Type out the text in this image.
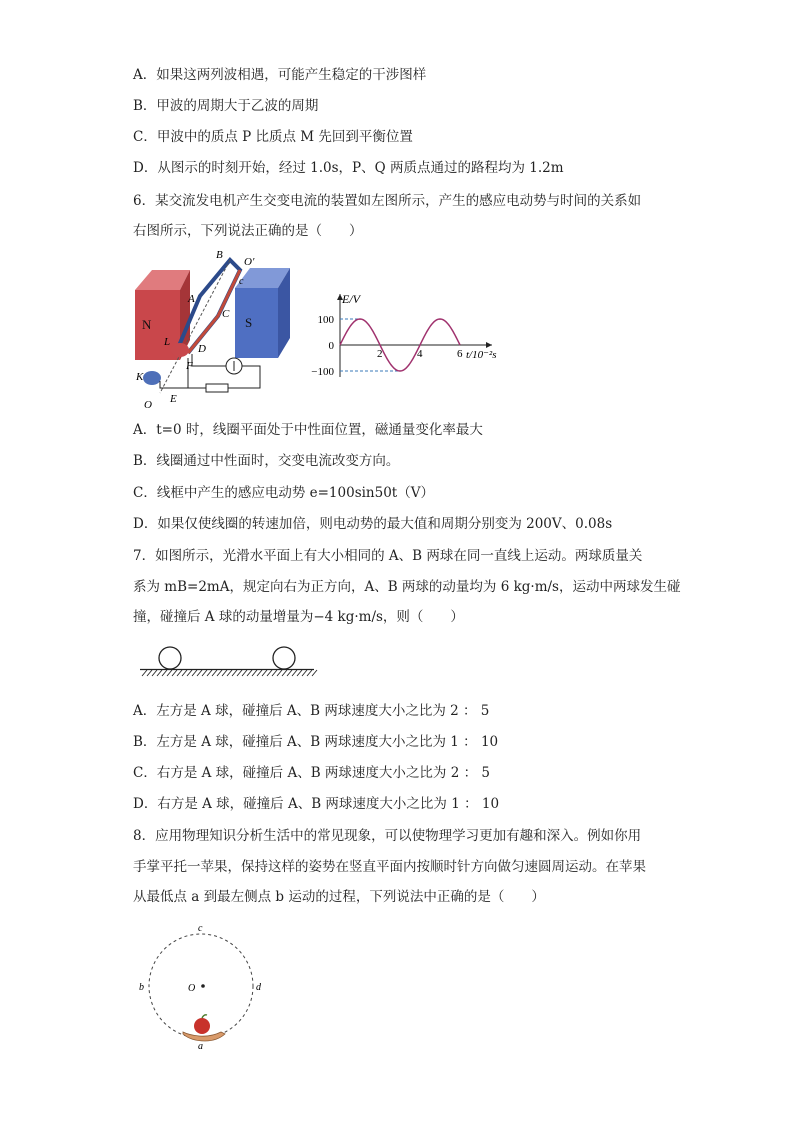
A．如果这两列波相遇，可能产生稳定的干涉图样
B．甲波的周期大于乙波的周期
C．甲波中的质点 P 比质点 M 先回到平衡位置
D．从图示的时刻开始，经过 1.0s，P、Q 两质点通过的路程均为 1.2m
6．某交流发电机产生交变电流的装置如左图所示，产生的感应电动势与时间的关系如
右图所示，下列说法正确的是（　　）
N	S
B
O′
c
A
C
L
D
F
K
E
O
E/V
t/10⁻²s
2	4	6
100
0
−100
A．t=0 时，线圈平面处于中性面位置，磁通量变化率最大
B．线圈通过中性面时，交变电流改变方向。
C．线框中产生的感应电动势 e=100sin50t（V）
D．如果仅使线圈的转速加倍，则电动势的最大值和周期分别变为 200V、0.08s
7．如图所示，光滑水平面上有大小相同的 A、B 两球在同一直线上运动。两球质量关
系为 mB=2mA，规定向右为正方向，A、B 两球的动量均为 6 kg·m/s，运动中两球发生碰
撞，碰撞后 A 球的动量增量为−4 kg·m/s，则（　　）
A．左方是 A 球，碰撞后 A、B 两球速度大小之比为 2 ： 5
B．左方是 A 球，碰撞后 A、B 两球速度大小之比为 1 ： 10
C．右方是 A 球，碰撞后 A、B 两球速度大小之比为 2 ： 5
D．右方是 A 球，碰撞后 A、B 两球速度大小之比为 1 ： 10
8．应用物理知识分析生活中的常见现象，可以使物理学习更加有趣和深入。例如你用
手掌平托一苹果，保持这样的姿势在竖直平面内按顺时针方向做匀速圆周运动。在苹果
从最低点 a 到最左侧点 b 运动的过程，下列说法中正确的是（　　）
c
b	d
O
a
